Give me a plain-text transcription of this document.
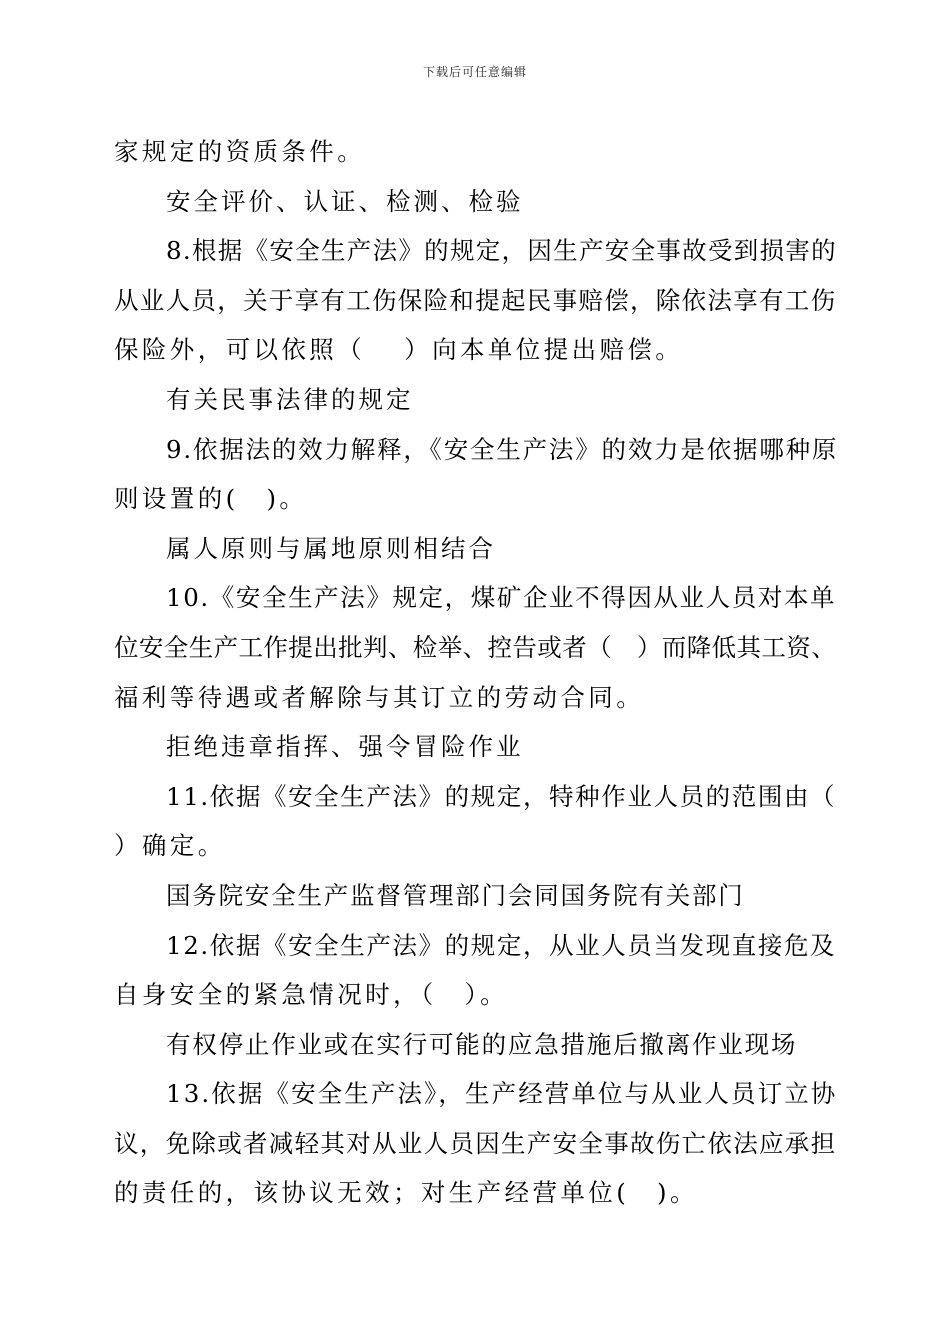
下载后可任意编辑
家规定的资质条件。
安全评价、认证、检测、检验
8.根据《安全生产法》的规定，因生产安全事故受到损害的
从业人员，关于享有工伤保险和提起民事赔偿，除依法享有工伤
保险外，可以依照（　 ）向本单位提出赔偿。
有关民事法律的规定
9.依据法的效力解释，《安全生产法》的效力是依据哪种原
则设置的(　)。
属人原则与属地原则相结合
10.《安全生产法》规定，煤矿企业不得因从业人员对本单
位安全生产工作提出批判、检举、控告或者（　）而降低其工资、
福利等待遇或者解除与其订立的劳动合同。
拒绝违章指挥、强令冒险作业
11.依据《安全生产法》的规定，特种作业人员的范围由（
）确定。
国务院安全生产监督管理部门会同国务院有关部门
12.依据《安全生产法》的规定，从业人员当发现直接危及
自身安全的紧急情况时，（　）。
有权停止作业或在实行可能的应急措施后撤离作业现场
13.依据《安全生产法》，生产经营单位与从业人员订立协
议，免除或者减轻其对从业人员因生产安全事故伤亡依法应承担
的责任的，该协议无效；对生产经营单位(　)。
